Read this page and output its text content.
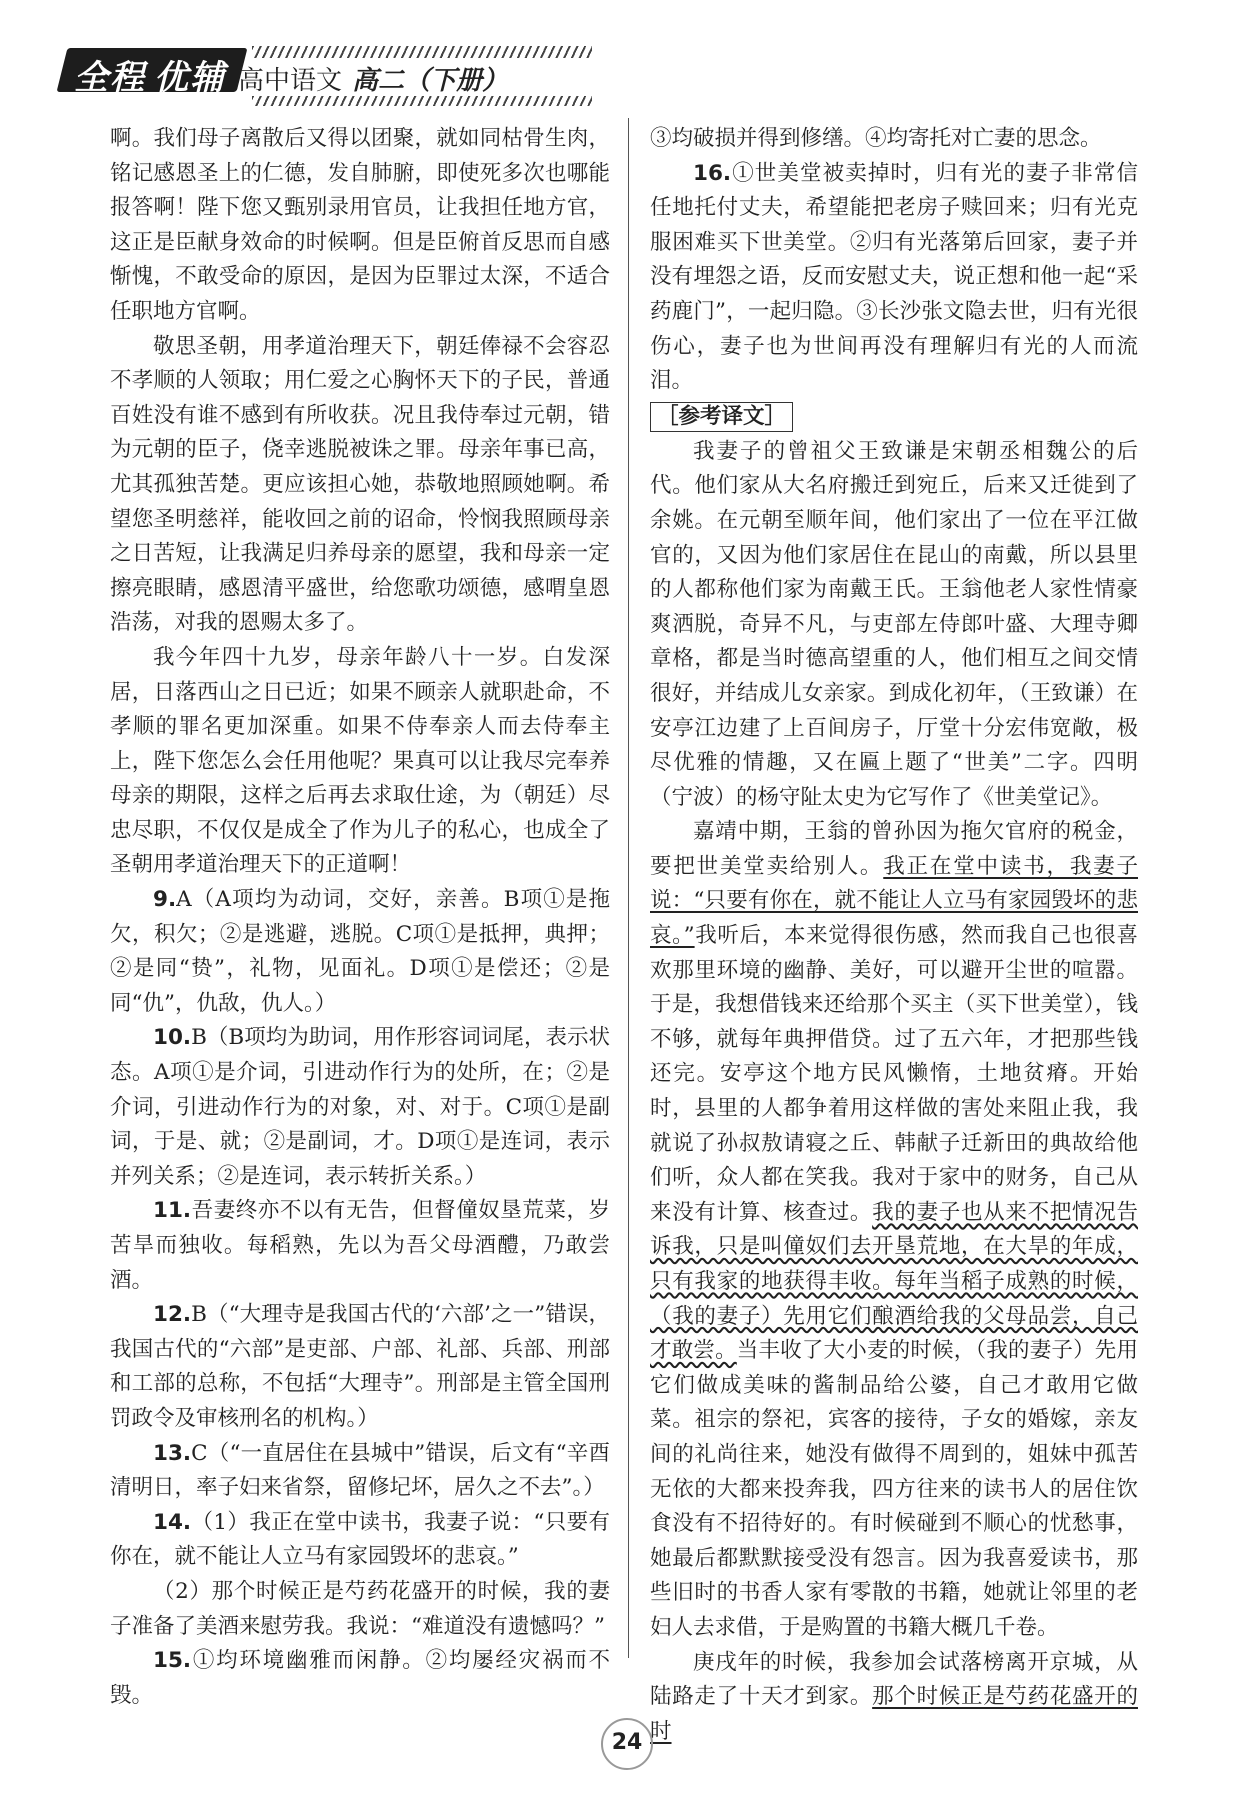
全程 优辅 高中语文 高二（下册）

啊。我们母子离散后又得以团聚，就如同枯骨生肉，铭记感恩圣上的仁德，发自肺腑，即使死多次也哪能报答啊！陛下您又甄别录用官员，让我担任地方官，这正是臣献身效命的时候啊。但是臣俯首反思而自感惭愧，不敢受命的原因，是因为臣罪过太深，不适合任职地方官啊。

敬思圣朝，用孝道治理天下，朝廷俸禄不会容忍不孝顺的人领取；用仁爱之心胸怀天下的子民，普通百姓没有谁不感到有所收获。况且我侍奉过元朝，错为元朝的臣子，侥幸逃脱被诛之罪。母亲年事已高，尤其孤独苦楚。更应该担心她，恭敬地照顾她啊。希望您圣明慈祥，能收回之前的诏命，怜悯我照顾母亲之日苦短，让我满足归养母亲的愿望，我和母亲一定擦亮眼睛，感恩清平盛世，给您歌功颂德，感喟皇恩浩荡，对我的恩赐太多了。

我今年四十九岁，母亲年龄八十一岁。白发深居，日落西山之日已近；如果不顾亲人就职赴命，不孝顺的罪名更加深重。如果不侍奉亲人而去侍奉主上，陛下您怎么会任用他呢？果真可以让我尽完奉养母亲的期限，这样之后再去求取仕途，为（朝廷）尽忠尽职，不仅仅是成全了作为儿子的私心，也成全了圣朝用孝道治理天下的正道啊！

9.A（A项均为动词，交好，亲善。B项①是拖欠，积欠；②是逃避，逃脱。C项①是抵押，典押；②是同“贽”，礼物，见面礼。D项①是偿还；②是同“仇”，仇敌，仇人。）

10.B（B项均为助词，用作形容词词尾，表示状态。A项①是介词，引进动作行为的处所，在；②是介词，引进动作行为的对象，对、对于。C项①是副词，于是、就；②是副词，才。D项①是连词，表示并列关系；②是连词，表示转折关系。）

11.吾妻终亦不以有无告，但督僮奴垦荒菜，岁苦旱而独收。每稻熟，先以为吾父母酒醴，乃敢尝酒。

12.B（“大理寺是我国古代的‘六部’之一”错误，我国古代的“六部”是吏部、户部、礼部、兵部、刑部和工部的总称，不包括“大理寺”。刑部是主管全国刑罚政令及审核刑名的机构。）

13.C（“一直居住在县城中”错误，后文有“辛酉清明日，率子妇来省祭，留修圮坏，居久之不去”。）

14.（1）我正在堂中读书，我妻子说：“只要有你在，就不能让人立马有家园毁坏的悲哀。”

（2）那个时候正是芍药花盛开的时候，我的妻子准备了美酒来慰劳我。我说：“难道没有遗憾吗？”

15.①均环境幽雅而闲静。②均屡经灾祸而不毁。

③均破损并得到修缮。④均寄托对亡妻的思念。

16.①世美堂被卖掉时，归有光的妻子非常信任地托付丈夫，希望能把老房子赎回来；归有光克服困难买下世美堂。②归有光落第后回家，妻子并没有埋怨之语，反而安慰丈夫，说正想和他一起“采药鹿门”，一起归隐。③长沙张文隐去世，归有光很伤心，妻子也为世间再没有理解归有光的人而流泪。

［参考译文］

我妻子的曾祖父王致谦是宋朝丞相魏公的后代。他们家从大名府搬迁到宛丘，后来又迁徙到了余姚。在元朝至顺年间，他们家出了一位在平江做官的，又因为他们家居住在昆山的南戴，所以县里的人都称他们家为南戴王氏。王翁他老人家性情豪爽洒脱，奇异不凡，与吏部左侍郎叶盛、大理寺卿章格，都是当时德高望重的人，他们相互之间交情很好，并结成儿女亲家。到成化初年，（王致谦）在安亭江边建了上百间房子，厅堂十分宏伟宽敞，极尽优雅的情趣，又在匾上题了“世美”二字。四明（宁波）的杨守阯太史为它写作了《世美堂记》。

嘉靖中期，王翁的曾孙因为拖欠官府的税金，要把世美堂卖给别人。我正在堂中读书，我妻子说：“只要有你在，就不能让人立马有家园毁坏的悲哀。”我听后，本来觉得很伤感，然而我自己也很喜欢那里环境的幽静、美好，可以避开尘世的喧嚣。于是，我想借钱来还给那个买主（买下世美堂），钱不够，就每年典押借贷。过了五六年，才把那些钱还完。安亭这个地方民风懒惰，土地贫瘠。开始时，县里的人都争着用这样做的害处来阻止我，我就说了孙叔敖请寝之丘、韩献子迁新田的典故给他们听，众人都在笑我。我对于家中的财务，自己从来没有计算、核查过。我的妻子也从来不把情况告诉我，只是叫僮奴们去开垦荒地，在大旱的年成，只有我家的地获得丰收。每年当稻子成熟的时候，（我的妻子）先用它们酿酒给我的父母品尝，自己才敢尝。当丰收了大小麦的时候，（我的妻子）先用它们做成美味的酱制品给公婆，自己才敢用它做菜。祖宗的祭祀，宾客的接待，子女的婚嫁，亲友间的礼尚往来，她没有做得不周到的，姐妹中孤苦无依的大都来投奔我，四方往来的读书人的居住饮食没有不招待好的。有时候碰到不顺心的忧愁事，她最后都默默接受没有怨言。因为我喜爱读书，那些旧时的书香人家有零散的书籍，她就让邻里的老妇人去求借，于是购置的书籍大概几千卷。

庚戌年的时候，我参加会试落榜离开京城，从陆路走了十天才到家。那个时候正是芍药花盛开的时

24
